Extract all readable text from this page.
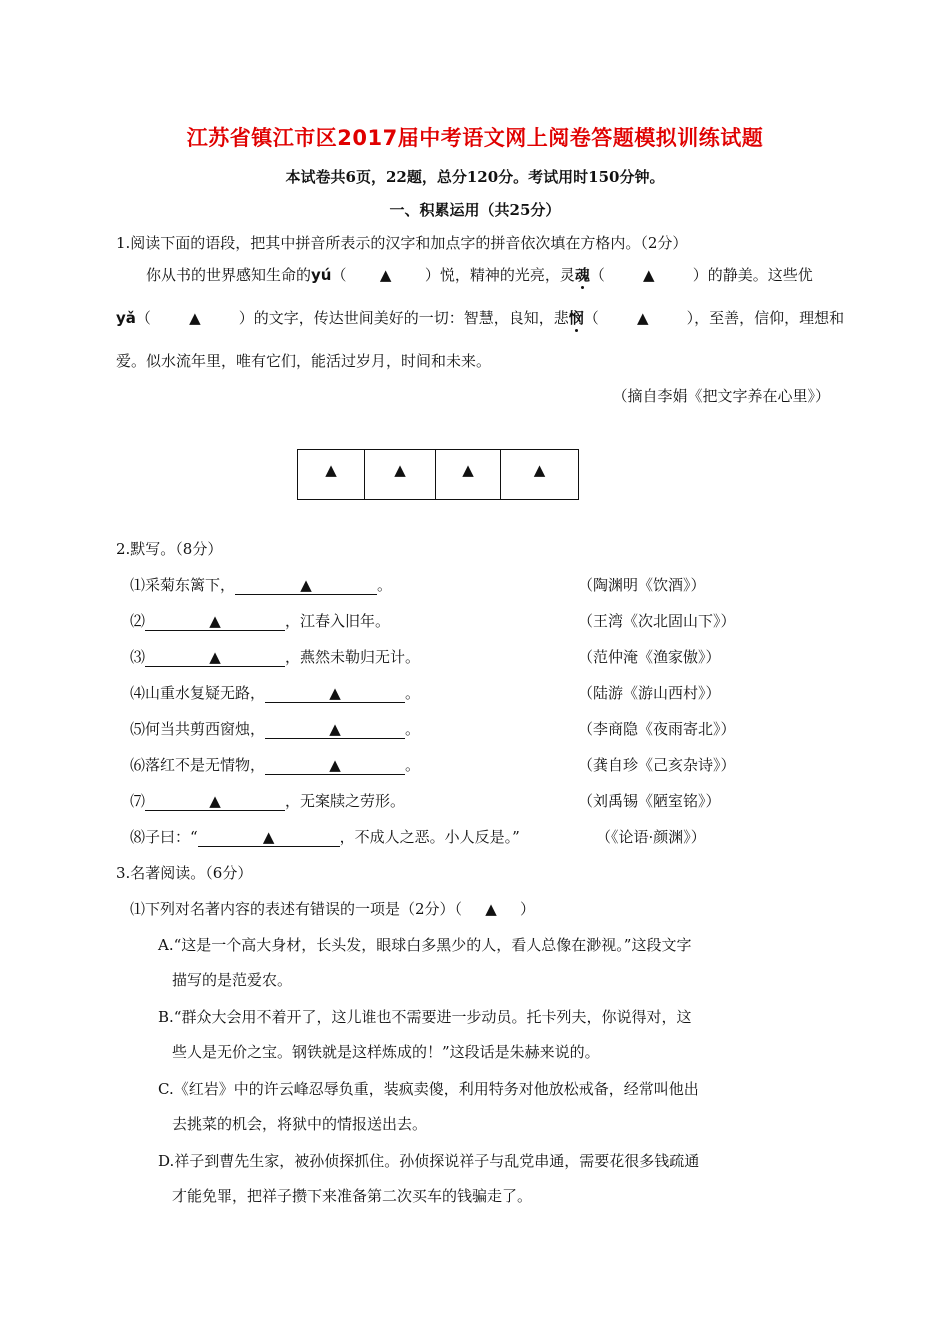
江苏省镇江市区2017届中考语文网上阅卷答题模拟训练试题
本试卷共6页，22题，总分120分。考试用时150分钟。
一、积累运用（共25分）
1.阅读下面的语段，把其中拼音所表示的汉字和加点字的拼音依次填在方格内。（2分）
你从书的世界感知生命的yú（       ▲ ）悦，精神的光亮，灵魂（        ▲	）的静美。这些优
yǎ（        ▲	）的文字，传达世间美好的一切：智慧，良知，悲悯（        ▲	），至善，信仰，理想和
爱。似水流年里，唯有它们，能活过岁月，时间和未来。
（摘自李娟《把文字养在心里》）
▲	▲	▲	▲
2.默写。（8分）
⑴采菊东篱下，	▲	。	（陶渊明《饮酒》）
⑵	▲	，江春入旧年。	（王湾《次北固山下》）
⑶	▲	，燕然未勒归无计。	（范仲淹《渔家傲》）
⑷山重水复疑无路，	▲	。	（陆游《游山西村》）
⑸何当共剪西窗烛，	▲	。	（李商隐《夜雨寄北》）
⑹落红不是无情物，	▲	。	（龚自珍《己亥杂诗》）
⑺	▲	，无案牍之劳形。	（刘禹锡《陋室铭》）
⑻子曰：“	▲	，不成人之恶。小人反是。”	（《论语·颜渊》）
3.名著阅读。（6分）
⑴下列对名著内容的表述有错误的一项是（2分）（ ▲ ）
A.“这是一个高大身材，长头发，眼球白多黑少的人，看人总像在渺视。”这段文字
描写的是范爱农。
B.“群众大会用不着开了，这儿谁也不需要进一步动员。托卡列夫，你说得对，这
些人是无价之宝。钢铁就是这样炼成的！”这段话是朱赫来说的。
C.《红岩》中的许云峰忍辱负重，装疯卖傻，利用特务对他放松戒备，经常叫他出
去挑菜的机会，将狱中的情报送出去。
D.祥子到曹先生家，被孙侦探抓住。孙侦探说祥子与乱党串通，需要花很多钱疏通
才能免罪，把祥子攒下来准备第二次买车的钱骗走了。
